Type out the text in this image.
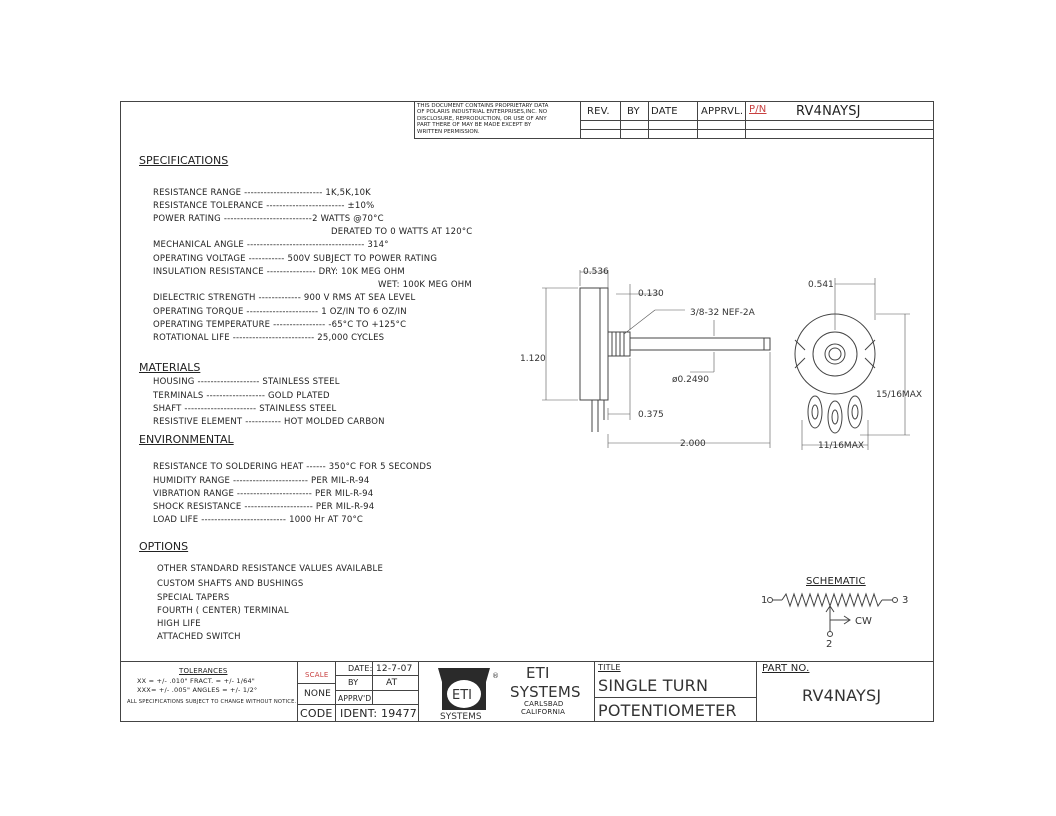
THIS DOCUMENT CONTAINS PROPRIETARY DATA
OF POLARIS INDUSTRIAL ENTERPRISES,INC. NO
DISCLOSURE, REPRODUCTION, OR USE OF ANY
PART THERE OF MAY BE MADE EXCEPT BY
WRITTEN PERMISSION.
REV. BY DATE APPRVL. P/N RV4NAYSJ
SPECIFICATIONS
RESISTANCE RANGE ------------------------ 1K,5K,10K
RESISTANCE TOLERANCE ------------------------ ±10%
POWER RATING ---------------------------2 WATTS @70°C
DERATED TO 0 WATTS AT 120°C
MECHANICAL ANGLE ------------------------------------ 314°
OPERATING VOLTAGE ----------- 500V SUBJECT TO POWER RATING
INSULATION RESISTANCE --------------- DRY: 10K MEG OHM
WET: 100K MEG OHM
DIELECTRIC STRENGTH ------------- 900 V RMS AT SEA LEVEL
OPERATING TORQUE ---------------------- 1 OZ/IN TO 6 OZ/IN
OPERATING TEMPERATURE ---------------- -65°C TO +125°C
ROTATIONAL LIFE ------------------------- 25,000 CYCLES
MATERIALS
HOUSING ------------------- STAINLESS STEEL
TERMINALS ------------------ GOLD PLATED
SHAFT ---------------------- STAINLESS STEEL
RESISTIVE ELEMENT ----------- HOT MOLDED CARBON
ENVIRONMENTAL
RESISTANCE TO SOLDERING HEAT ------ 350°C FOR 5 SECONDS
HUMIDITY RANGE ----------------------- PER MIL-R-94
VIBRATION RANGE ----------------------- PER MIL-R-94
SHOCK RESISTANCE --------------------- PER MIL-R-94
LOAD LIFE -------------------------- 1000 Hr AT 70°C
OPTIONS
OTHER STANDARD RESISTANCE VALUES AVAILABLE
CUSTOM SHAFTS AND BUSHINGS
SPECIAL TAPERS
FOURTH ( CENTER) TERMINAL
HIGH LIFE
ATTACHED SWITCH
0.536
0.130
3/8-32 NEF-2A
1.120
ø0.2490
0.375
2.000
0.541
15/16MAX
11/16MAX
SCHEMATIC
1	3
2
CW
TOLERANCES
XX = +/- .010" FRACT. = +/- 1/64"
XXX= +/- .005" ANGLES = +/- 1/2°
ALL SPECIFICATIONS SUBJECT TO CHANGE WITHOUT NOTICE.
SCALE
NONE
CODE
DATE: 12-7-07
BY	AT
APPRV'D
IDENT: 19477
ETI
®
SYSTEMS
ETI
SYSTEMS
CARLSBAD
CALIFORNIA
TITLE
SINGLE TURN
POTENTIOMETER
PART NO.
RV4NAYSJ
